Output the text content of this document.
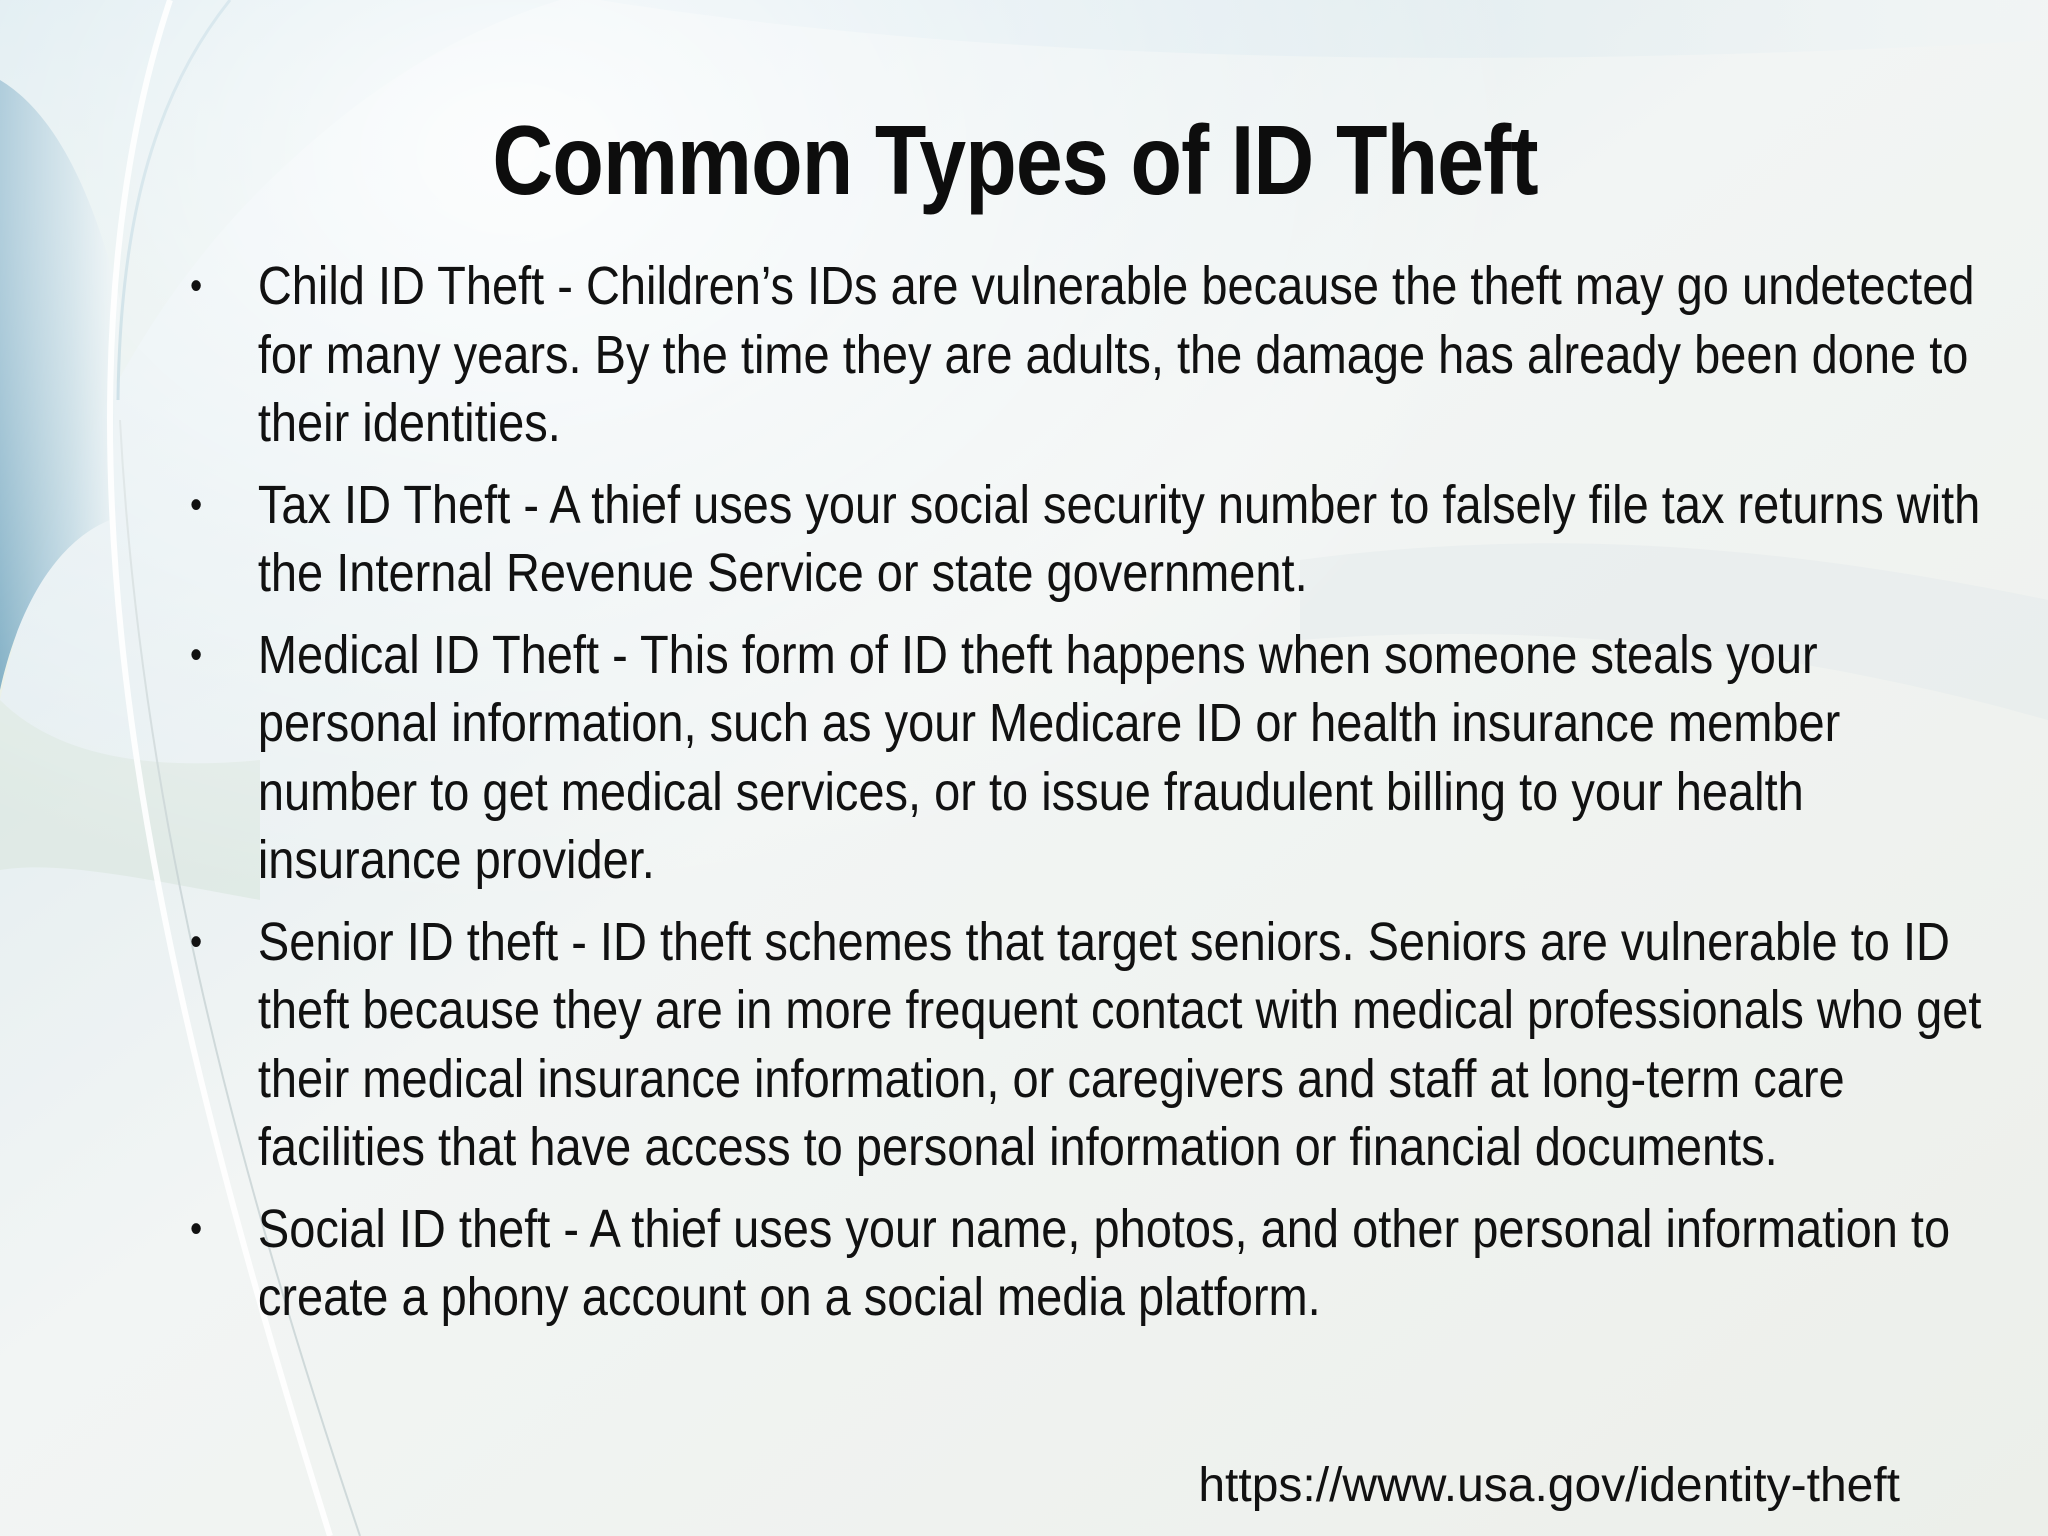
Common Types of ID Theft
• Child ID Theft - Children’s IDs are vulnerable because the theft may go undetected for many years. By the time they are adults, the damage has already been done to their identities.
• Tax ID Theft - A thief uses your social security number to falsely file tax returns with the Internal Revenue Service or state government.
• Medical ID Theft - This form of ID theft happens when someone steals your personal information, such as your Medicare ID or health insurance member number to get medical services, or to issue fraudulent billing to your health insurance provider.
• Senior ID theft - ID theft schemes that target seniors. Seniors are vulnerable to ID theft because they are in more frequent contact with medical professionals who get their medical insurance information, or caregivers and staff at long-term care facilities that have access to personal information or financial documents.
• Social ID theft - A thief uses your name, photos, and other personal information to create a phony account on a social media platform.
https://www.usa.gov/identity-theft
